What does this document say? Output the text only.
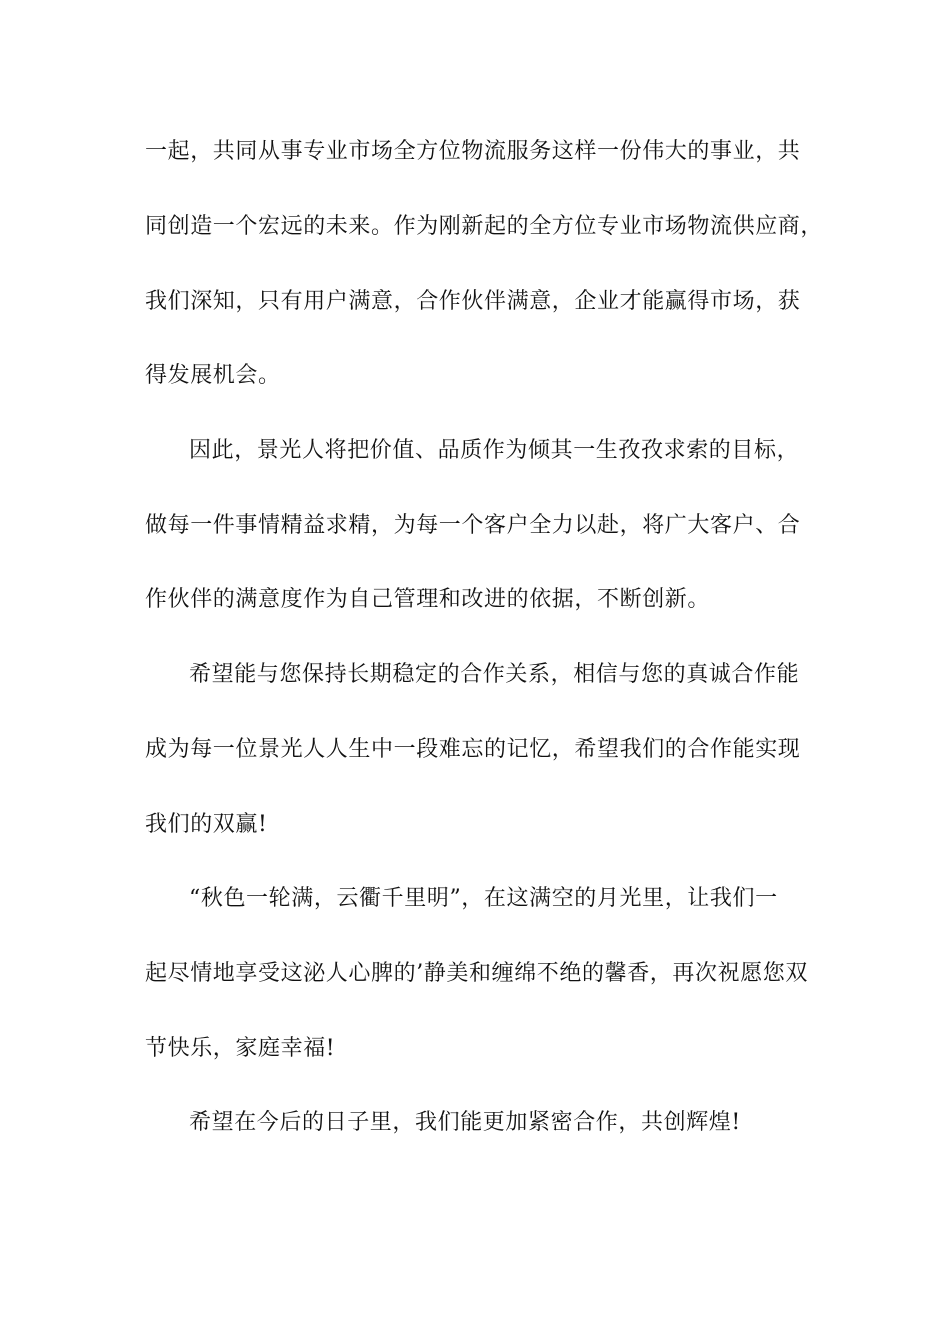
一起，共同从事专业市场全方位物流服务这样一份伟大的事业，共
同创造一个宏远的未来。作为刚新起的全方位专业市场物流供应商，
我们深知，只有用户满意，合作伙伴满意，企业才能赢得市场，获
得发展机会。
因此，景光人将把价值、品质作为倾其一生孜孜求索的目标，
做每一件事情精益求精，为每一个客户全力以赴，将广大客户、合
作伙伴的满意度作为自己管理和改进的依据，不断创新。
希望能与您保持长期稳定的合作关系，相信与您的真诚合作能
成为每一位景光人人生中一段难忘的记忆，希望我们的合作能实现
我们的双赢!
“秋色一轮满，云衢千里明”，在这满空的月光里，让我们一
起尽情地享受这泌人心脾的’静美和缠绵不绝的馨香，再次祝愿您双
节快乐，家庭幸福!
希望在今后的日子里，我们能更加紧密合作，共创辉煌!
